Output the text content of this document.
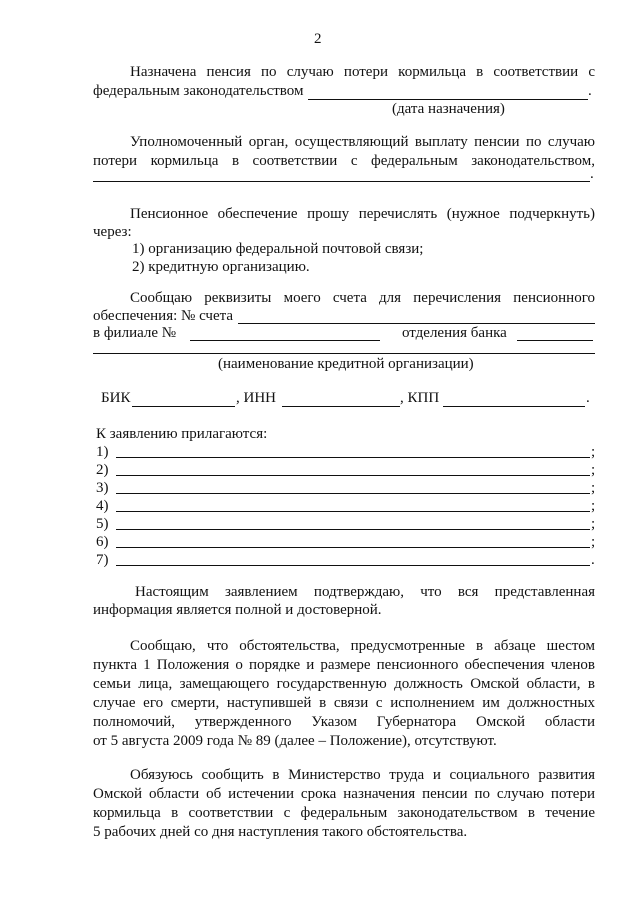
2
Назначена пенсия по случаю потери кормильца в соответствии с
федеральным законодательством	.
(дата назначения)
Уполномоченный орган, осуществляющий выплату пенсии по случаю
потери кормильца в соответствии с федеральным законодательством,
.
Пенсионное обеспечение прошу перечислять (нужное подчеркнуть)
через:
1) организацию федеральной почтовой связи;
2) кредитную организацию.
Сообщаю реквизиты моего счета для перечисления пенсионного
обеспечения: № счета
в филиале №	отделения банка
(наименование кредитной организации)
БИК	, ИНН	, КПП	.
К заявлению прилагаются:
1)	;
2)	;
3)	;
4)	;
5)	;
6)	;
7)	.
Настоящим заявлением подтверждаю, что вся представленная
информация является полной и достоверной.
Сообщаю, что обстоятельства, предусмотренные в абзаце шестом
пункта 1 Положения о порядке и размере пенсионного обеспечения членов
семьи лица, замещающего государственную должность Омской области, в
случае его смерти, наступившей в связи с исполнением им должностных
полномочий, утвержденного Указом Губернатора Омской области
от 5 августа 2009 года № 89 (далее – Положение), отсутствуют.
Обязуюсь сообщить в Министерство труда и социального развития
Омской области об истечении срока назначения пенсии по случаю потери
кормильца в соответствии с федеральным законодательством в течение
5 рабочих дней со дня наступления такого обстоятельства.
